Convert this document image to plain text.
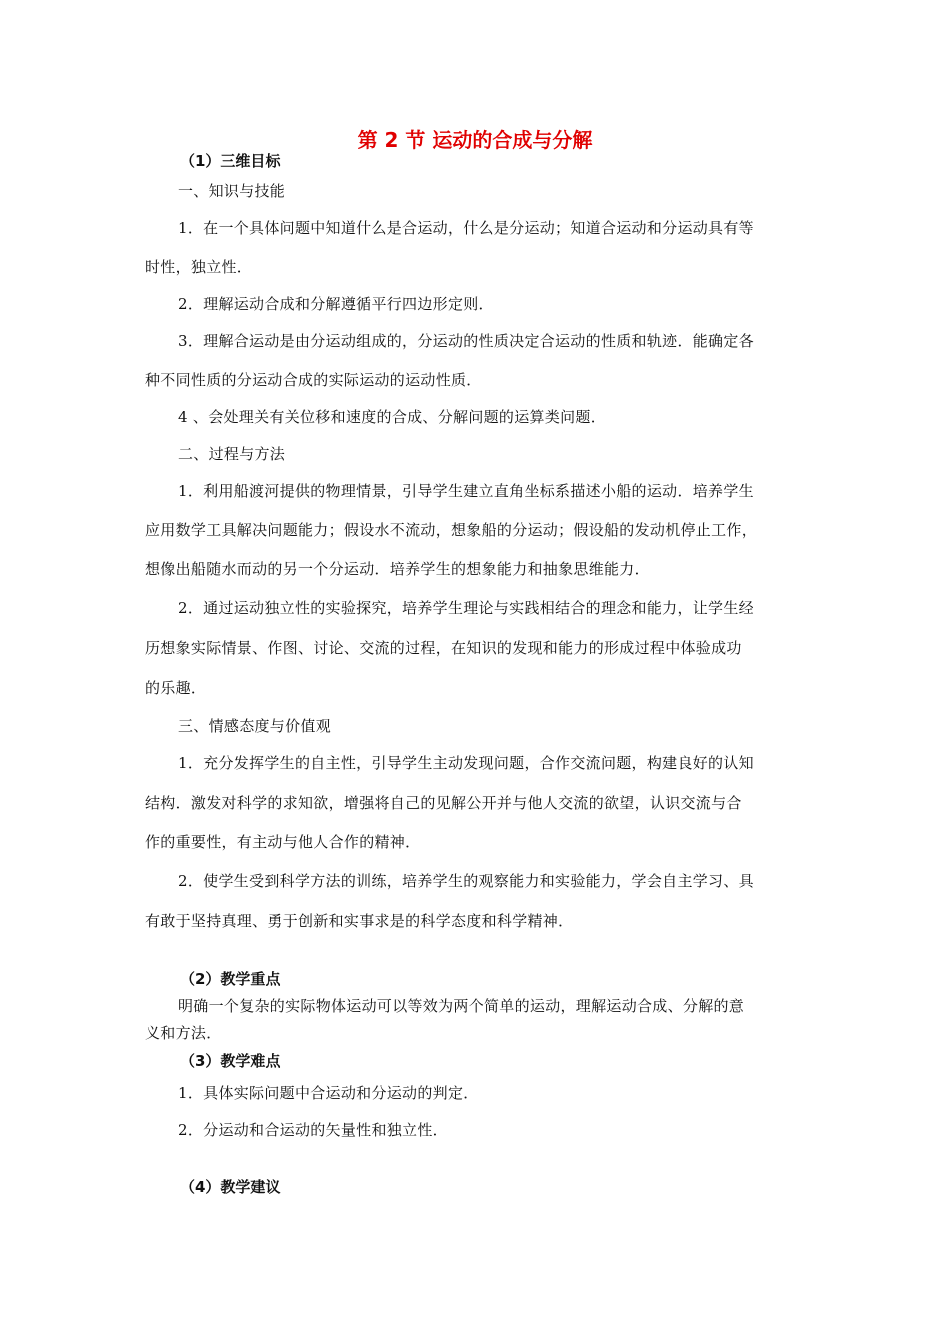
第 2 节 运动的合成与分解
（1）三维目标
一、知识与技能
1．在一个具体问题中知道什么是合运动，什么是分运动；知道合运动和分运动具有等
时性，独立性．
2．理解运动合成和分解遵循平行四边形定则．
3．理解合运动是由分运动组成的，分运动的性质决定合运动的性质和轨迹．能确定各
种不同性质的分运动合成的实际运动的运动性质．
4 、会处理关有关位移和速度的合成、分解问题的运算类问题．
二、过程与方法
1．利用船渡河提供的物理情景，引导学生建立直角坐标系描述小船的运动．培养学生
应用数学工具解决问题能力；假设水不流动，想象船的分运动；假设船的发动机停止工作，
想像出船随水而动的另一个分运动．培养学生的想象能力和抽象思维能力．
2．通过运动独立性的实验探究，培养学生理论与实践相结合的理念和能力，让学生经
历想象实际情景、作图、讨论、交流的过程，在知识的发现和能力的形成过程中体验成功
的乐趣．
三、情感态度与价值观
1．充分发挥学生的自主性，引导学生主动发现问题，合作交流问题，构建良好的认知
结构．激发对科学的求知欲，增强将自己的见解公开并与他人交流的欲望，认识交流与合
作的重要性，有主动与他人合作的精神．
2．使学生受到科学方法的训练，培养学生的观察能力和实验能力，学会自主学习、具
有敢于坚持真理、勇于创新和实事求是的科学态度和科学精神．
（2）教学重点
明确一个复杂的实际物体运动可以等效为两个简单的运动，理解运动合成、分解的意
义和方法．
（3）教学难点
1．具体实际问题中合运动和分运动的判定．
2．分运动和合运动的矢量性和独立性．
（4）教学建议
